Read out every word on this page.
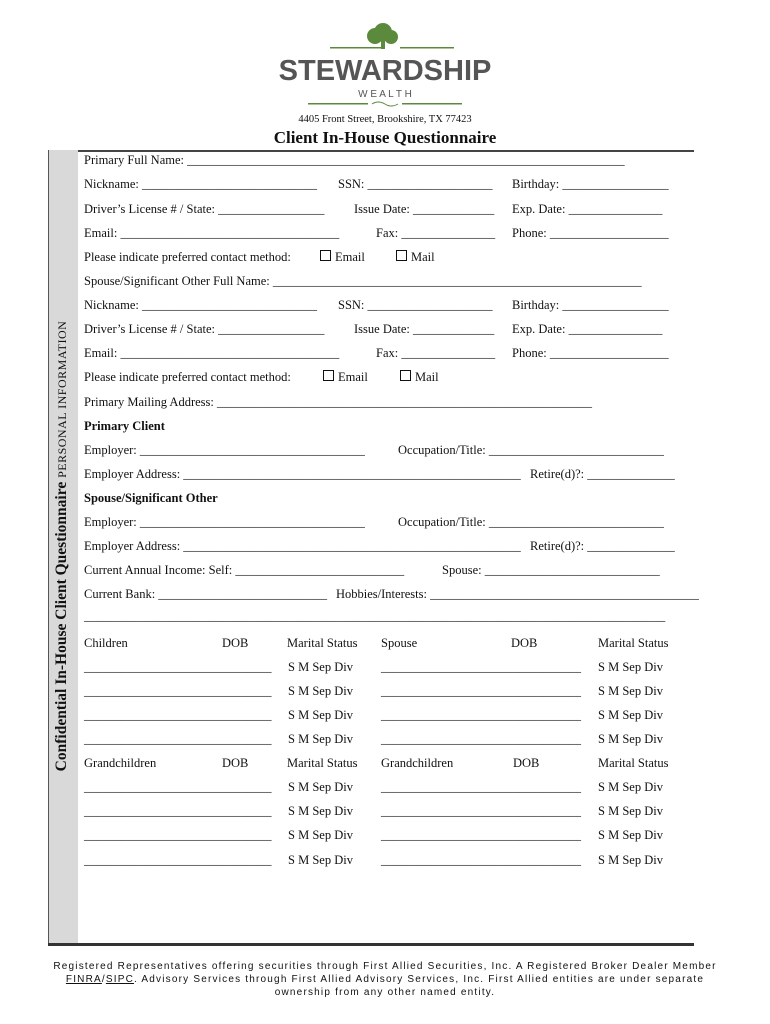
STEWARDSHIP
W E A L T H
4405 Front Street, Brookshire, TX 77423
Client In-House Questionnaire
Confidential In-House Client Questionnaire PERSONAL INFORMATION
Primary Full Name: ______________________________________________________________________
Nickname: ____________________________ SSN: ____________________ Birthday: _________________
Driver’s License # / State: _________________ Issue Date: _____________ Exp. Date: _______________
Email: ___________________________________	Fax: _______________ Phone: ___________________
Please indicate preferred contact method:	Email	Mail
Spouse/Significant Other Full Name: ___________________________________________________________
Nickname: ____________________________ SSN: ____________________ Birthday: _________________
Driver’s License # / State: _________________ Issue Date: _____________ Exp. Date: _______________
Email: ___________________________________	Fax: _______________ Phone: ___________________
Please indicate preferred contact method:	Email	Mail
Primary Mailing Address: ____________________________________________________________
Primary Client
Employer: ____________________________________	Occupation/Title: ____________________________
Employer Address: ______________________________________________________ Retire(d)?: ______________
Spouse/Significant Other
Employer: ____________________________________	Occupation/Title: ____________________________
Employer Address: ______________________________________________________ Retire(d)?: ______________
Current Annual Income: Self: ___________________________	Spouse: ____________________________
Current Bank: ___________________________ Hobbies/Interests: ___________________________________________
_____________________________________________________________________________________________
Children	DOB	Marital Status Spouse	DOB	Marital Status
______________________________ S M Sep Div ________________________________ S M Sep Div
______________________________ S M Sep Div ________________________________ S M Sep Div
______________________________ S M Sep Div ________________________________ S M Sep Div
______________________________ S M Sep Div ________________________________ S M Sep Div
Grandchildren	DOB	Marital Status Grandchildren	DOB	Marital Status
______________________________ S M Sep Div ________________________________ S M Sep Div
______________________________ S M Sep Div ________________________________ S M Sep Div
______________________________ S M Sep Div ________________________________ S M Sep Div
______________________________ S M Sep Div ________________________________ S M Sep Div
Registered Representatives offering securities through First Allied Securities, Inc. A Registered Broker Dealer Member
FINRA/SIPC. Advisory Services through First Allied Advisory Services, Inc. First Allied entities are under separate
ownership from any other named entity.
